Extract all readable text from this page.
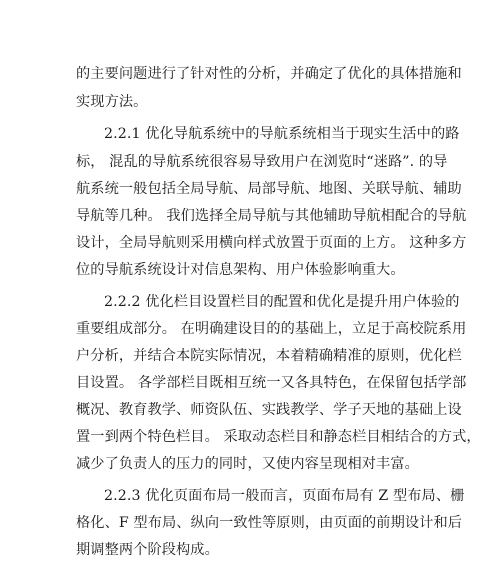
的主要问题进行了针对性的分析，并确定了优化的具体措施和
实现方法。
2.2.1 优化导航系统中的导航系统相当于现实生活中的路
标， 混乱的导航系统很容易导致用户在浏览时“迷路”. 的导
航系统一般包括全局导航、局部导航、地图、关联导航、辅助
导航等几种。 我们选择全局导航与其他辅助导航相配合的导航
设计，全局导航则采用横向样式放置于页面的上方。 这种多方
位的导航系统设计对信息架构、用户体验影响重大。
2.2.2 优化栏目设置栏目的配置和优化是提升用户体验的
重要组成部分。 在明确建设目的的基础上，立足于高校院系用
户分析，并结合本院实际情况，本着精确精准的原则，优化栏
目设置。 各学部栏目既相互统一又各具特色，在保留包括学部
概况、教育教学、师资队伍、实践教学、学子天地的基础上设
置一到两个特色栏目。 采取动态栏目和静态栏目相结合的方式，
减少了负责人的压力的同时，又使内容呈现相对丰富。
2.2.3 优化页面布局一般而言，页面布局有 Z 型布局、栅
格化、F 型布局、纵向一致性等原则，由页面的前期设计和后
期调整两个阶段构成。
